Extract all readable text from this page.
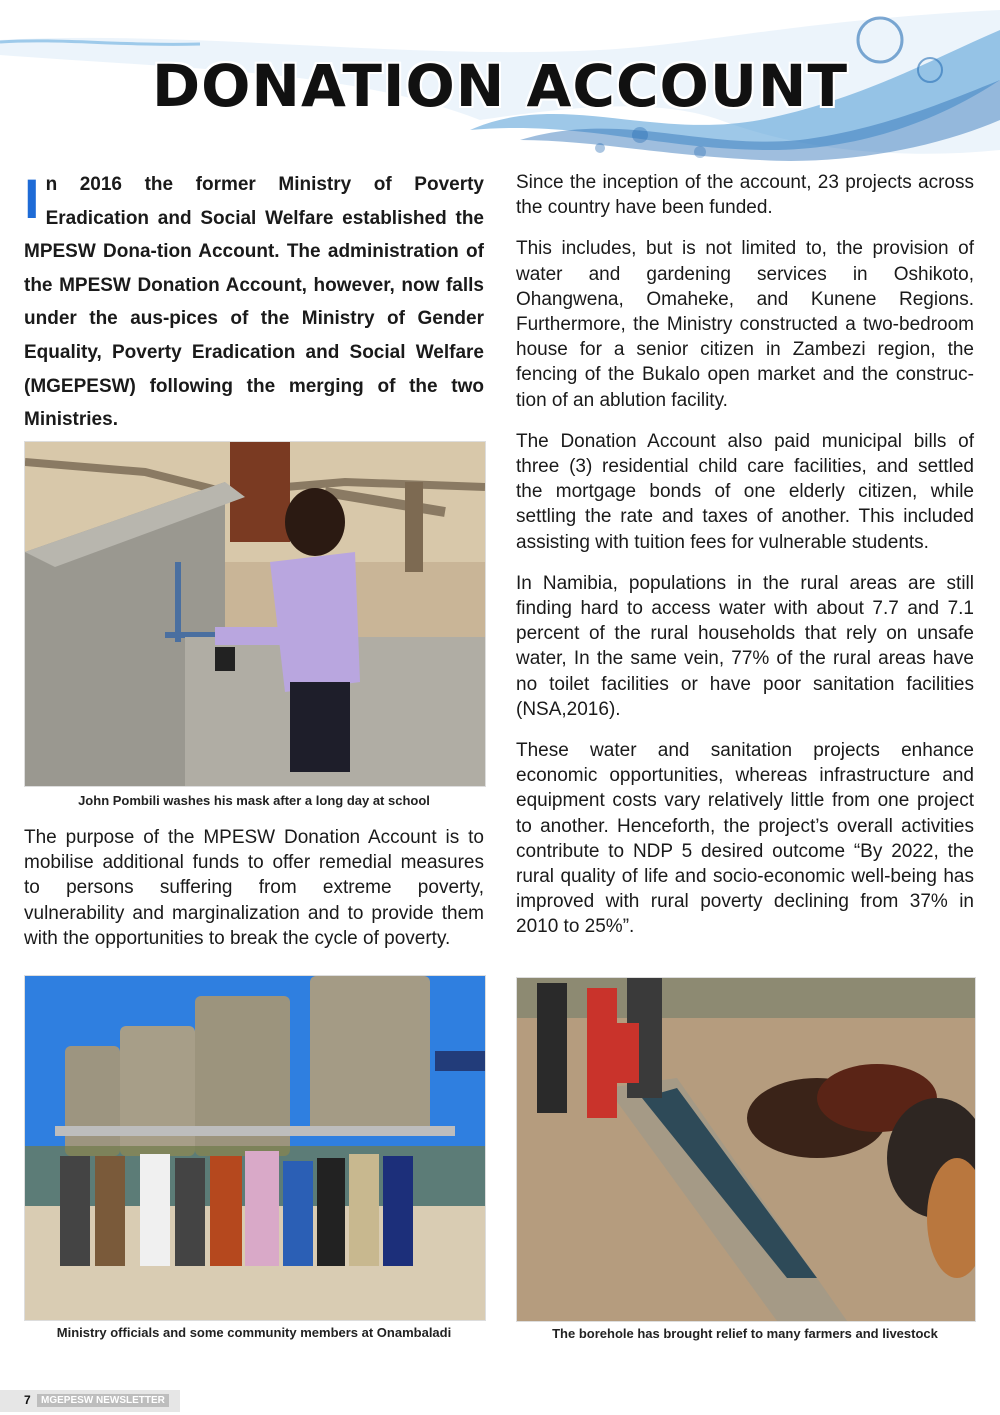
DONATION ACCOUNT
I n 2016 the former Ministry of Poverty Eradication and Social Welfare established the MPESW Dona-tion Account. The administration of the MPESW Donation Account, however, now falls under the aus-pices of the Ministry of Gender Equality, Poverty Eradication and Social Welfare (MGEPESW) following the merging of the two Ministries.
John Pombili washes his mask after a long day at school

The purpose of the MPESW Donation Account is to mobilise additional funds to offer remedial measures to persons suffering from extreme poverty, vulnerability and marginalization and to provide them with the opportunities to break the cycle of poverty.

Since the inception of the account, 23 projects across the country have been funded.

This includes, but is not limited to, the provision of water and gardening services in Oshikoto, Ohangwena, Omaheke, and Kunene Regions. Furthermore, the Ministry constructed a two-bedroom house for a senior citizen in Zambezi region, the fencing of the Bukalo open market and the construc-tion of an ablution facility.

The Donation Account also paid municipal bills of three (3) residential child care facilities, and settled the mortgage bonds of one elderly citizen, while settling the rate and taxes of another. This included assisting with tuition fees for vulnerable students.

In Namibia, populations in the rural areas are still finding hard to access water with about 7.7 and 7.1 percent of the rural households that rely on unsafe water, In the same vein, 77% of the rural areas have no toilet facilities or have poor sanitation facilities (NSA,2016).

These water and sanitation projects enhance economic opportunities, whereas infrastructure and equipment costs vary relatively little from one project to another. Henceforth, the project’s overall activities contribute to NDP 5 desired outcome “By 2022, the rural quality of life and socio-economic well-being has improved with rural poverty declining from 37% in 2010 to 25%”.

Ministry officials and some community members at Onambaladi	The borehole has brought relief to many farmers and livestock
7	MGEPESW NEWSLETTER
